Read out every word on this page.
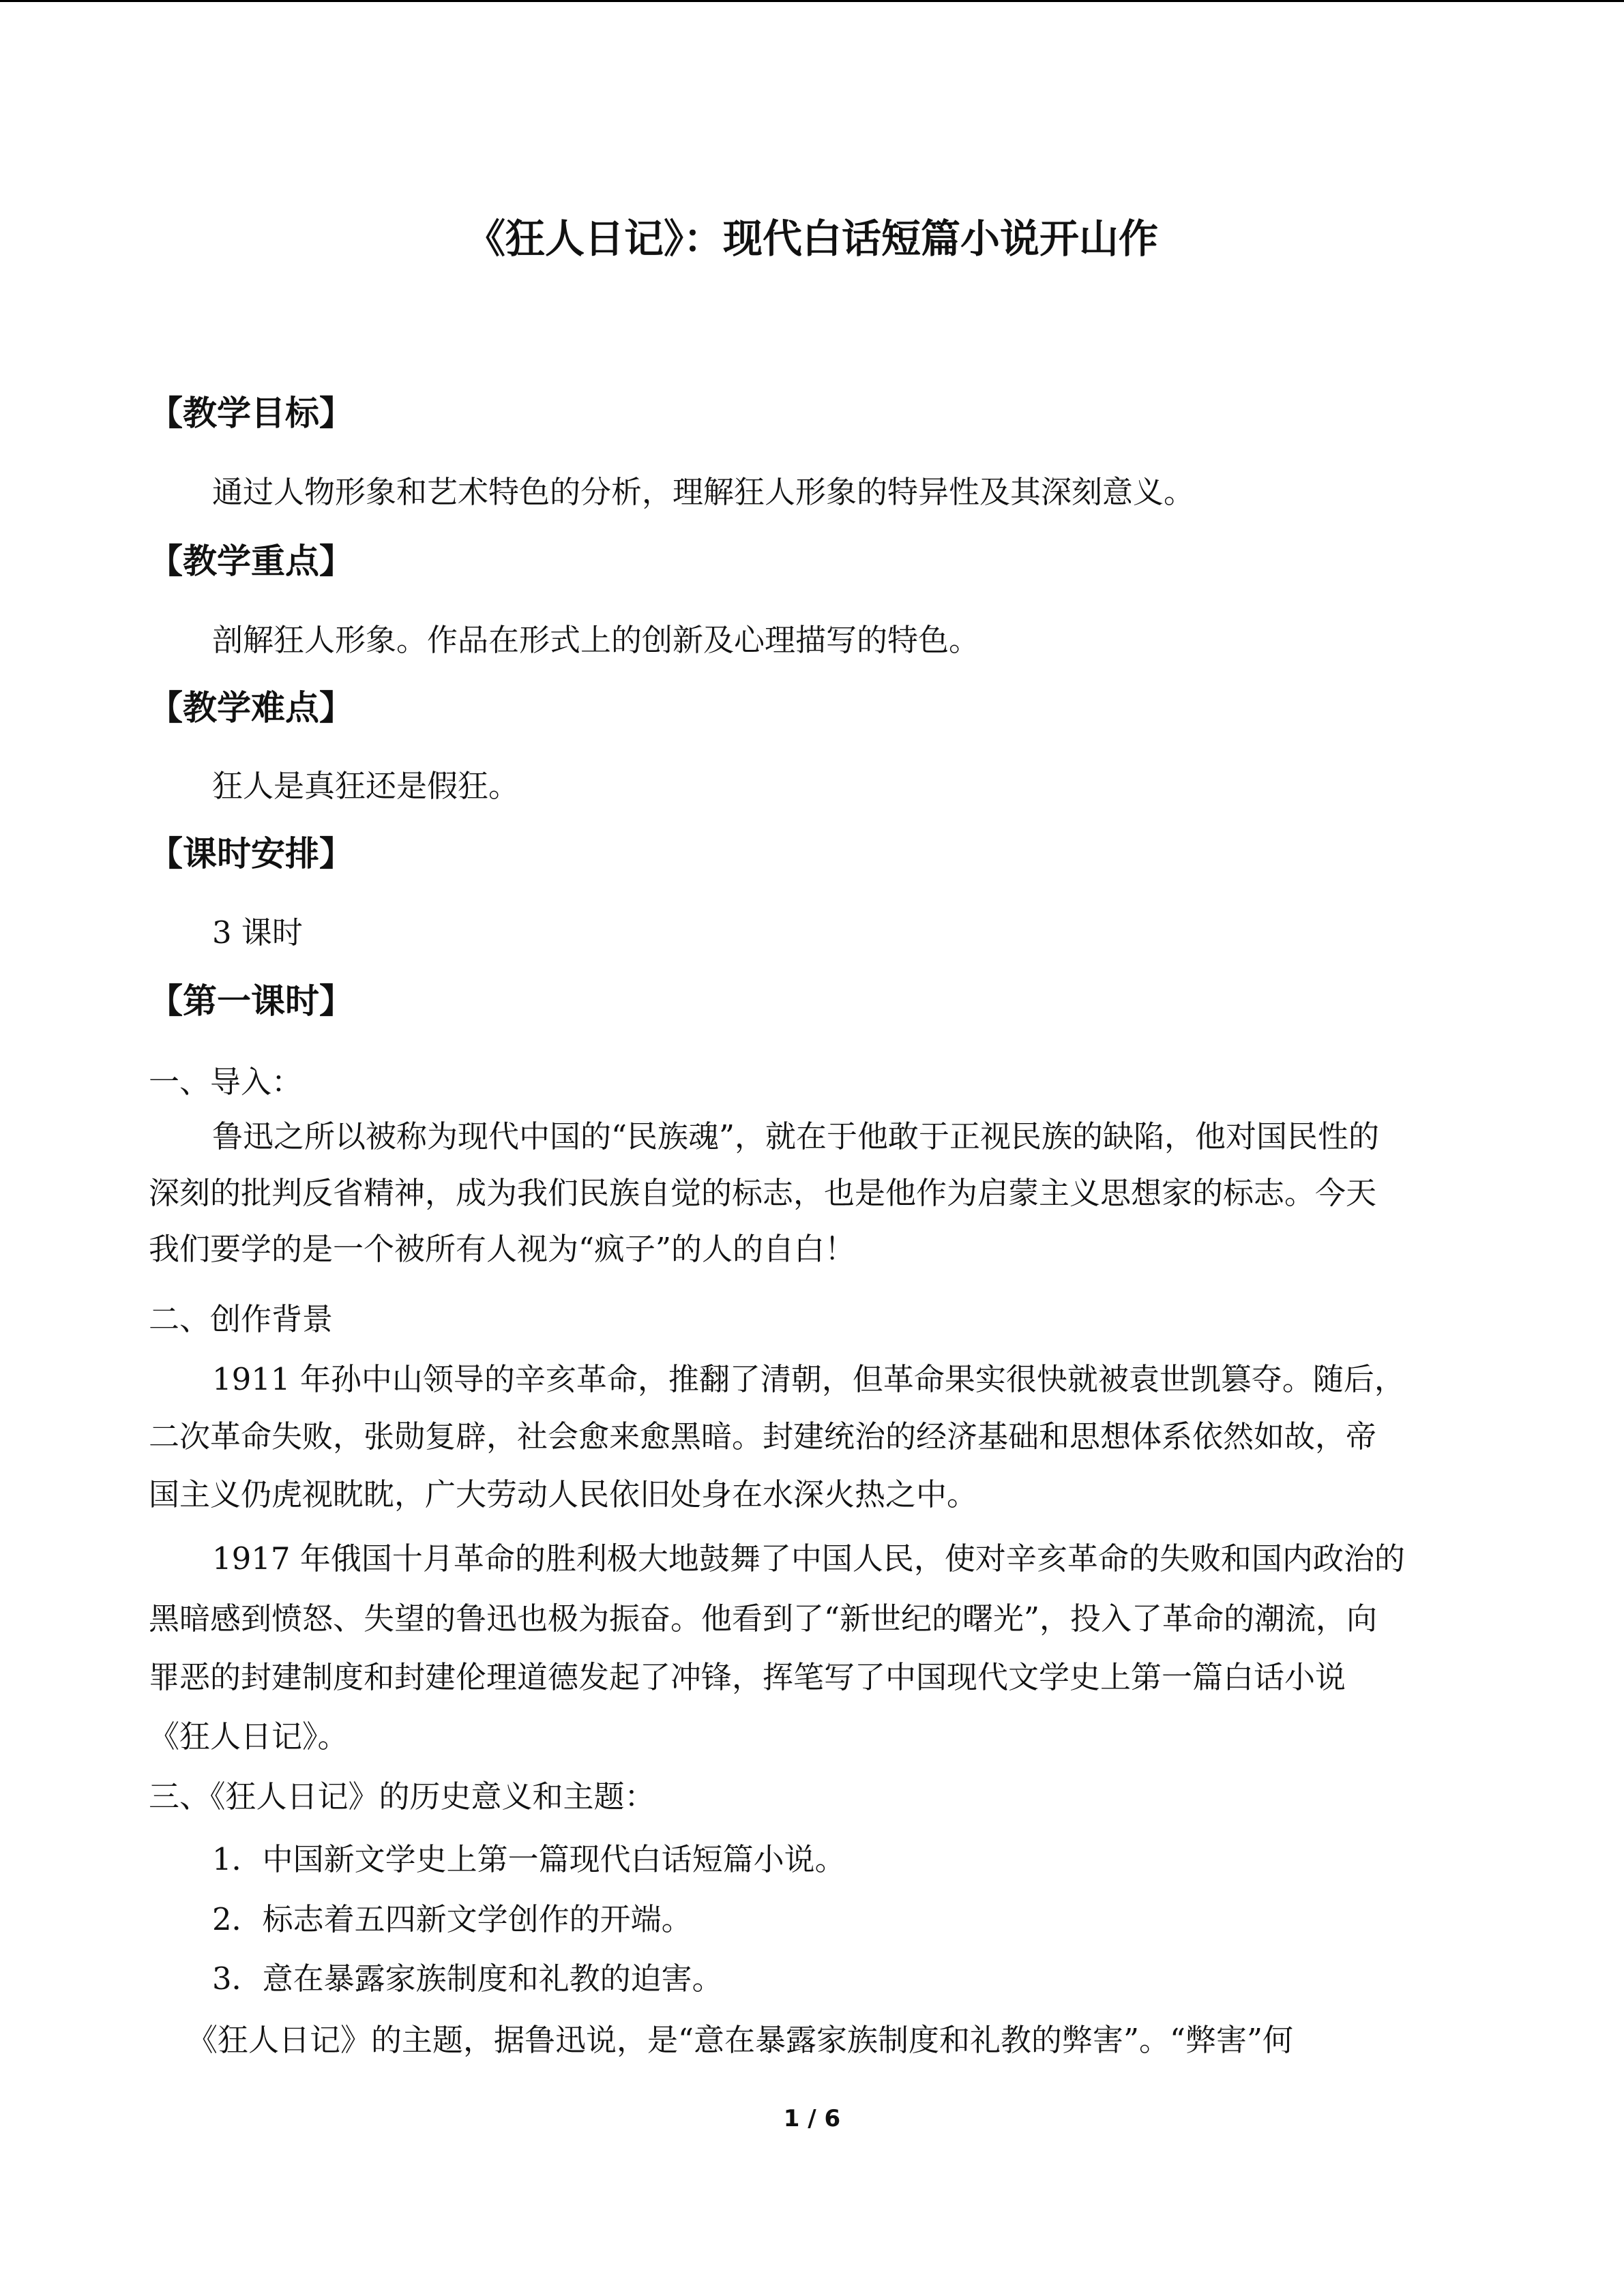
《狂人日记》：现代白话短篇小说开山作
【教学目标】
通过人物形象和艺术特色的分析，理解狂人形象的特异性及其深刻意义。
【教学重点】
剖解狂人形象。作品在形式上的创新及心理描写的特色。
【教学难点】
狂人是真狂还是假狂。
【课时安排】
3 课时
【第一课时】
一、导入：
鲁迅之所以被称为现代中国的“民族魂”，就在于他敢于正视民族的缺陷，他对国民性的
深刻的批判反省精神，成为我们民族自觉的标志，也是他作为启蒙主义思想家的标志。今天
我们要学的是一个被所有人视为“疯子”的人的自白！
二、创作背景
1911 年孙中山领导的辛亥革命，推翻了清朝，但革命果实很快就被袁世凯篡夺。随后，
二次革命失败，张勋复辟，社会愈来愈黑暗。封建统治的经济基础和思想体系依然如故，帝
国主义仍虎视眈眈，广大劳动人民依旧处身在水深火热之中。
1917 年俄国十月革命的胜利极大地鼓舞了中国人民，使对辛亥革命的失败和国内政治的
黑暗感到愤怒、失望的鲁迅也极为振奋。他看到了“新世纪的曙光”，投入了革命的潮流，向
罪恶的封建制度和封建伦理道德发起了冲锋，挥笔写了中国现代文学史上第一篇白话小说
《狂人日记》。
三、《狂人日记》的历史意义和主题：
1．中国新文学史上第一篇现代白话短篇小说。
2．标志着五四新文学创作的开端。
3．意在暴露家族制度和礼教的迫害。
《狂人日记》的主题，据鲁迅说，是“意在暴露家族制度和礼教的弊害”。“弊害”何
1 / 6
